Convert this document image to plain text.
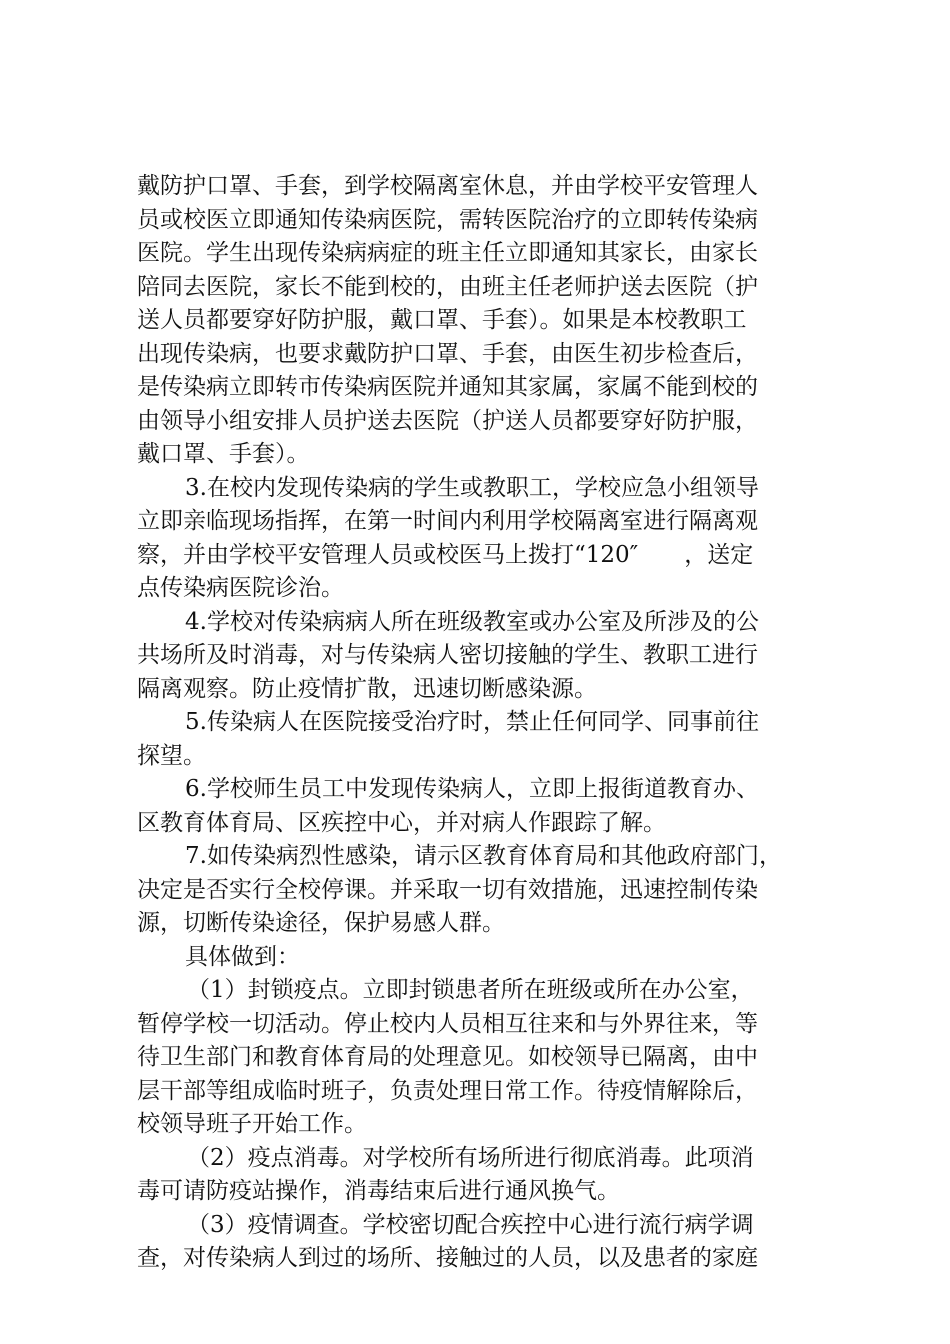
戴防护口罩、手套，到学校隔离室休息，并由学校平安管理人
员或校医立即通知传染病医院，需转医院治疗的立即转传染病
医院。学生出现传染病病症的班主任立即通知其家长，由家长
陪同去医院，家长不能到校的，由班主任老师护送去医院（护
送人员都要穿好防护服，戴口罩、手套）。如果是本校教职工
出现传染病，也要求戴防护口罩、手套，由医生初步检查后，
是传染病立即转市传染病医院并通知其家属，家属不能到校的
由领导小组安排人员护送去医院（护送人员都要穿好防护服，
戴口罩、手套）。
3.在校内发现传染病的学生或教职工，学校应急小组领导
立即亲临现场指挥，在第一时间内利用学校隔离室进行隔离观
察，并由学校平安管理人员或校医马上拨打“120″　　，送定
点传染病医院诊治。
4.学校对传染病病人所在班级教室或办公室及所涉及的公
共场所及时消毒，对与传染病人密切接触的学生、教职工进行
隔离观察。防止疫情扩散，迅速切断感染源。
5.传染病人在医院接受治疗时，禁止任何同学、同事前往
探望。
6.学校师生员工中发现传染病人，立即上报街道教育办、
区教育体育局、区疾控中心，并对病人作跟踪了解。
7.如传染病烈性感染，请示区教育体育局和其他政府部门，
决定是否实行全校停课。并采取一切有效措施，迅速控制传染
源，切断传染途径，保护易感人群。
具体做到：
（1）封锁疫点。立即封锁患者所在班级或所在办公室，
暂停学校一切活动。停止校内人员相互往来和与外界往来，等
待卫生部门和教育体育局的处理意见。如校领导已隔离，由中
层干部等组成临时班子，负责处理日常工作。待疫情解除后，
校领导班子开始工作。
（2）疫点消毒。对学校所有场所进行彻底消毒。此项消
毒可请防疫站操作，消毒结束后进行通风换气。
（3）疫情调查。学校密切配合疾控中心进行流行病学调
查，对传染病人到过的场所、接触过的人员，以及患者的家庭
